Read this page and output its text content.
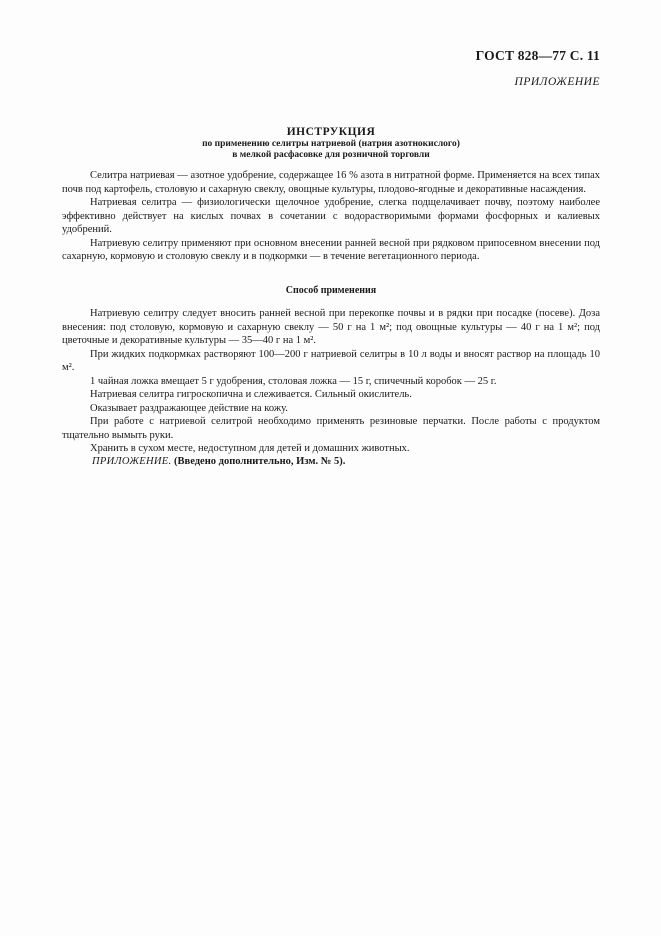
ГОСТ 828—77 С. 11
ПРИЛОЖЕНИЕ
ИНСТРУКЦИЯ
по применению селитры натриевой (натрия азотнокислого)
в мелкой расфасовке для розничной торговли

Селитра натриевая — азотное удобрение, содержащее 16 % азота в нитратной форме. Применяется на всех типах почв под картофель, столовую и сахарную свеклу, овощные культуры, плодово-ягодные и декоративные насаждения.

Натриевая селитра — физиологически щелочное удобрение, слегка подщелачивает почву, поэтому наиболее эффективно действует на кислых почвах в сочетании с водорастворимыми формами фосфорных и калиевых удобрений.

Натриевую селитру применяют при основном внесении ранней весной при рядковом припосевном внесении под сахарную, кормовую и столовую свеклу и в подкормки — в течение вегетационного периода.

Способ применения

Натриевую селитру следует вносить ранней весной при перекопке почвы и в рядки при посадке (посеве). Доза внесения: под столовую, кормовую и сахарную свеклу — 50 г на 1 м²; под овощные культуры — 40 г на 1 м²; под цветочные и декоративные культуры — 35—40 г на 1 м².

При жидких подкормках растворяют 100—200 г натриевой селитры в 10 л воды и вносят раствор на площадь 10 м².

1 чайная ложка вмещает 5 г удобрения, столовая ложка — 15 г, спичечный коробок — 25 г.

Натриевая селитра гигроскопична и слеживается. Сильный окислитель.

Оказывает раздражающее действие на кожу.

При работе с натриевой селитрой необходимо применять резиновые перчатки. После работы с продуктом тщательно вымыть руки.

Хранить в сухом месте, недоступном для детей и домашних животных.

ПРИЛОЖЕНИЕ. (Введено дополнительно, Изм. № 5).
